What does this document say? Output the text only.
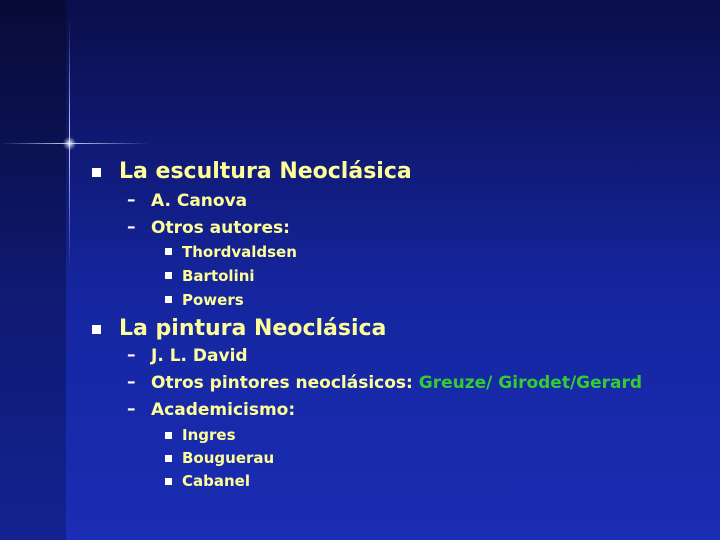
La escultura Neoclásica
– A. Canova
– Otros autores:
Thordvaldsen
Bartolini
Powers
La pintura Neoclásica
– J. L. David
– Otros pintores neoclásicos: Greuze/ Girodet/Gerard
– Academicismo:
Ingres
Bouguerau
Cabanel
